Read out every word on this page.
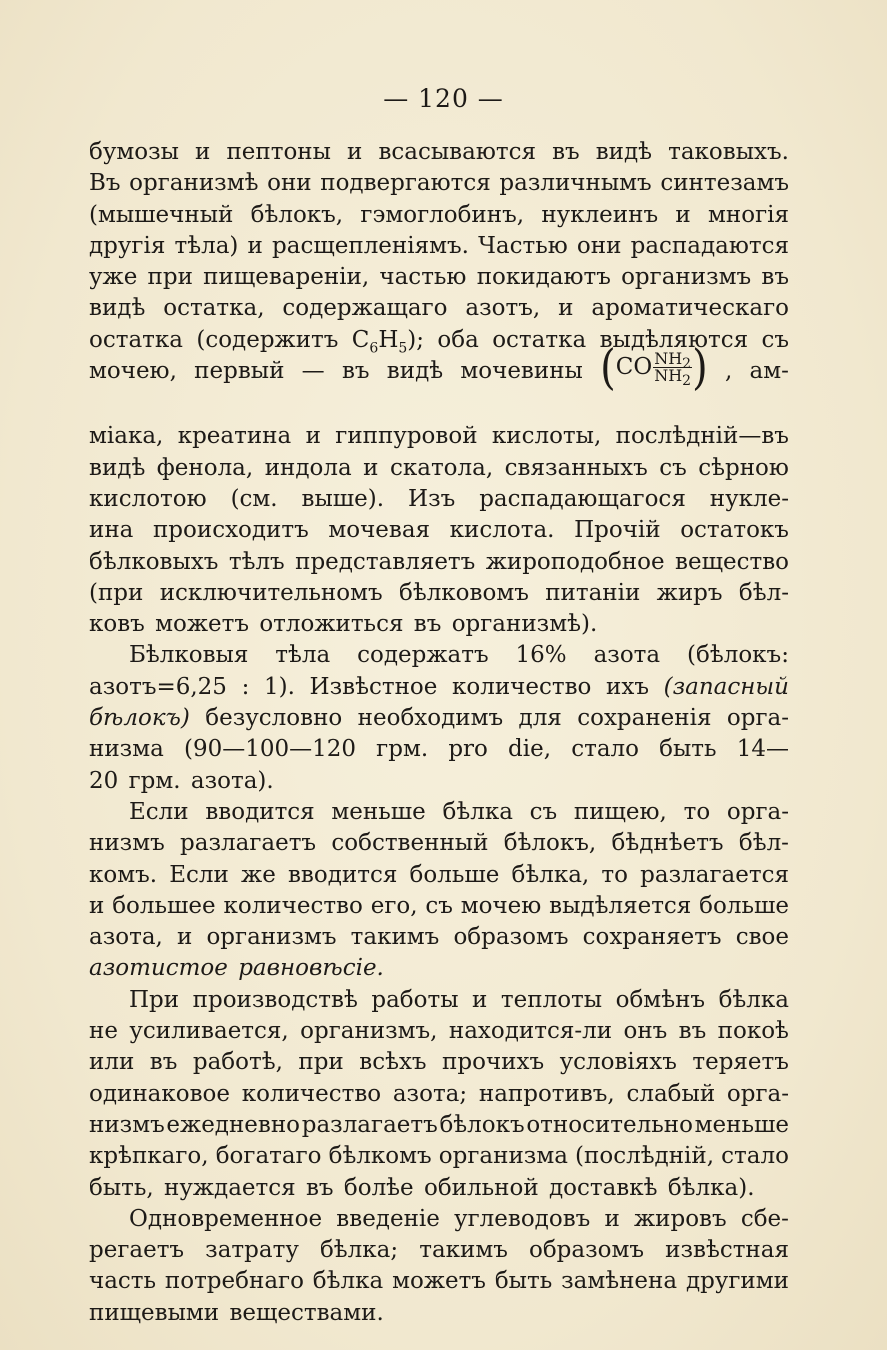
— 120 —
бумозы и пептоны и всасываются въ видѣ таковыхъ.
Въ организмѣ они подвергаются различнымъ синтезамъ
(мышечный бѣлокъ, гэмоглобинъ, нуклеинъ и многія
другія тѣла) и расщепленіямъ. Частью они распадаются
уже при пищевареніи, частью покидаютъ организмъ въ
видѣ остатка, содержащаго азотъ, и ароматическаго
остатка (содержитъ $C_6H_5$); оба остатка выдѣляются съ
мочею, первый — въ видѣ мочевины ( CO $\frac{NH_2}{NH_2}$ ) , ам-
міака, креатина и гиппуровой кислоты, послѣдній—въ
видѣ фенола, индола и скатола, связанныхъ съ сѣрною
кислотою (см. выше). Изъ распадающагося нукле-
ина происходитъ мочевая кислота. Прочій остатокъ
бѣлковыхъ тѣлъ представляетъ жироподобное вещество
(при исключительномъ бѣлковомъ питаніи жиръ бѣл-
ковъ
можетъ
отложиться
въ
организмѣ).
Бѣлковыя тѣла содержатъ 16% азота (бѣлокъ:
азотъ=6,25 : 1). Извѣстное количество ихъ (запасный
бѣлокъ) безусловно необходимъ для сохраненія орга-
низма (90—100—120 грм. pro die, стало быть 14—
20
грм.
азота).
Если вводится меньше бѣлка съ пищею, то орга-
низмъ разлагаетъ собственный бѣлокъ, бѣднѣетъ бѣл-
комъ. Если же вводится больше бѣлка, то разлагается
и большее количество его, съ мочею выдѣляется больше
азота, и организмъ такимъ образомъ сохраняетъ свое
азотистое
равновѣсіе.
При производствѣ работы и теплоты обмѣнъ бѣлка
не усиливается, организмъ, находится-ли онъ въ покоѣ
или въ работѣ, при всѣхъ прочихъ условіяхъ теряетъ
одинаковое количество азота; напротивъ, слабый орга-
низмъ ежедневно разлагаетъ бѣлокъ относительно меньше
крѣпкаго, богатаго бѣлкомъ организма (послѣдній, стало
быть,
нуждается
въ
болѣе
обильной
доставкѣ
бѣлка).
Одновременное введеніе углеводовъ и жировъ сбе-
регаетъ затрату бѣлка; такимъ образомъ извѣстная
часть потребнаго бѣлка можетъ быть замѣнена другими
пищевыми
веществами.
